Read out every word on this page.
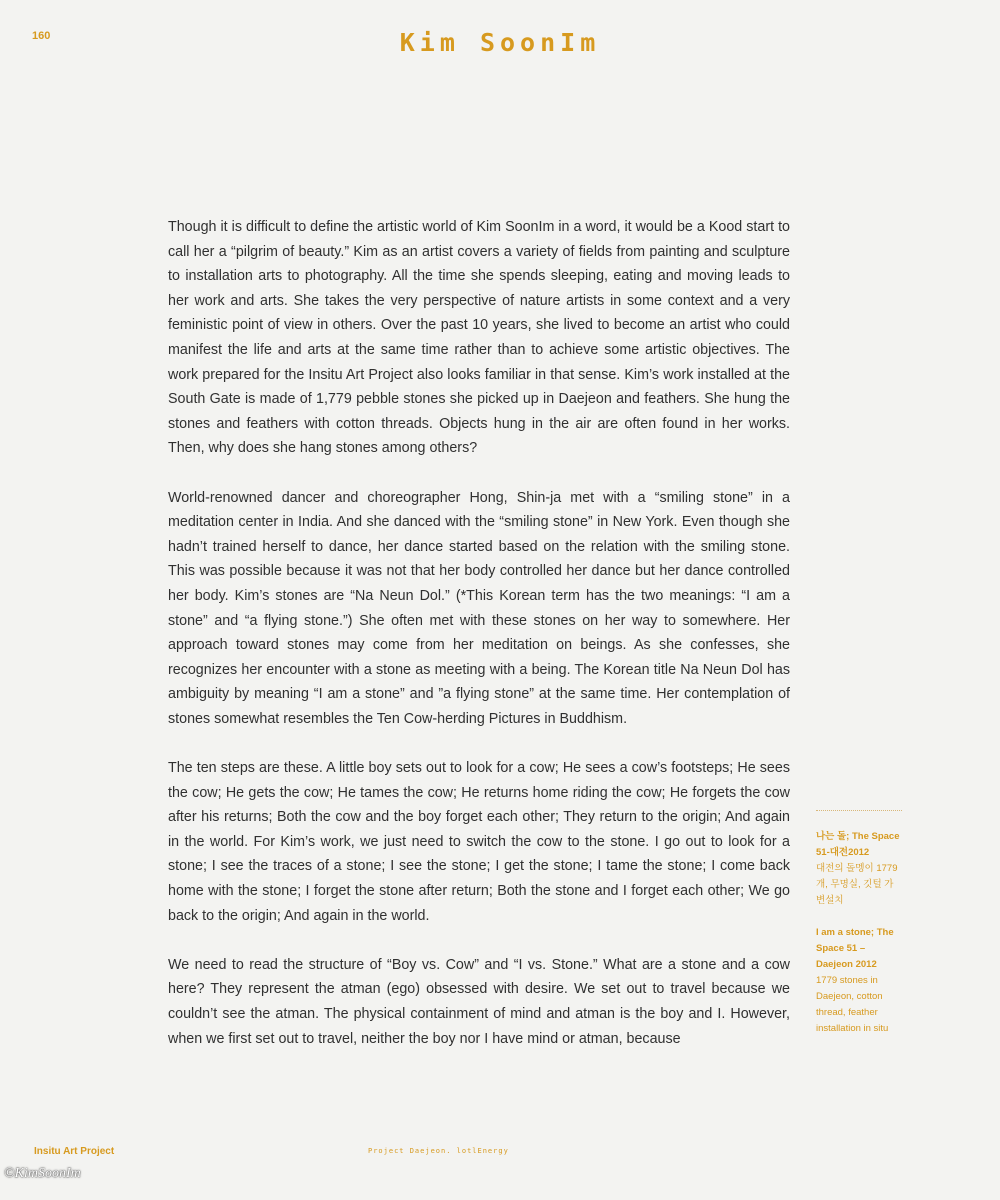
160	Kim SoonIm

Though it is difficult to define the artistic world of Kim SoonIm in a word, it would be a Kood start to call her a “pilgrim of beauty.” Kim as an artist covers a variety of fields from painting and sculpture to installation arts to photography. All the time she spends sleeping, eating and moving leads to her work and arts. She takes the very perspective of nature artists in some context and a very feministic point of view in others. Over the past 10 years, she lived to become an artist who could manifest the life and arts at the same time rather than to achieve some artistic objectives. The work prepared for the Insitu Art Project also looks familiar in that sense. Kim’s work installed at the South Gate is made of 1,779 pebble stones she picked up in Daejeon and feathers. She hung the stones and feathers with cotton threads. Objects hung in the air are often found in her works. Then, why does she hang stones among others?

World-renowned dancer and choreographer Hong, Shin-ja met with a “smiling stone” in a meditation center in India. And she danced with the “smiling stone” in New York. Even though she hadn’t trained herself to dance, her dance started based on the relation with the smiling stone. This was possible because it was not that her body controlled her dance but her dance controlled her body. Kim’s stones are “Na Neun Dol.” (*This Korean term has the two meanings: “I am a stone” and “a flying stone.”) She often met with these stones on her way to somewhere. Her approach toward stones may come from her meditation on beings. As she confesses, she recognizes her encounter with a stone as meeting with a being. The Korean title Na Neun Dol has ambiguity by meaning “I am a stone” and ”a flying stone” at the same time. Her contemplation of stones somewhat resembles the Ten Cow-herding Pictures in Buddhism.

The ten steps are these. A little boy sets out to look for a cow; He sees a cow’s footsteps; He sees the cow; He gets the cow; He tames the cow; He returns home riding the cow; He forgets the cow after his returns; Both the cow and the boy forget each other; They return to the origin; And again in the world. For Kim’s work, we just need to switch the cow to the stone. I go out to look for a stone; I see the traces of a stone; I see the stone; I get the stone; I tame the stone; I come back home with the stone; I forget the stone after return; Both the stone and I forget each other; We go back to the origin; And again in the world.

We need to read the structure of “Boy vs. Cow” and “I vs. Stone.” What are a stone and a cow here? They represent the atman (ego) obsessed with desire. We set out to travel because we couldn’t see the atman. The physical containment of mind and atman is the boy and I. However, when we first set out to travel, neither the boy nor I have mind or atman, because

나는 돌; The Space 51-대전2012
대전의 돌멩이 1779개, 무명실, 깃털 가변설치
I am a stone; The Space 51 – Daejeon 2012
1779 stones in Daejeon, cotton thread, feather installation in situ
Insitu Art Project	Project Daejeon. lotlEnergy
©KimSoonIm
